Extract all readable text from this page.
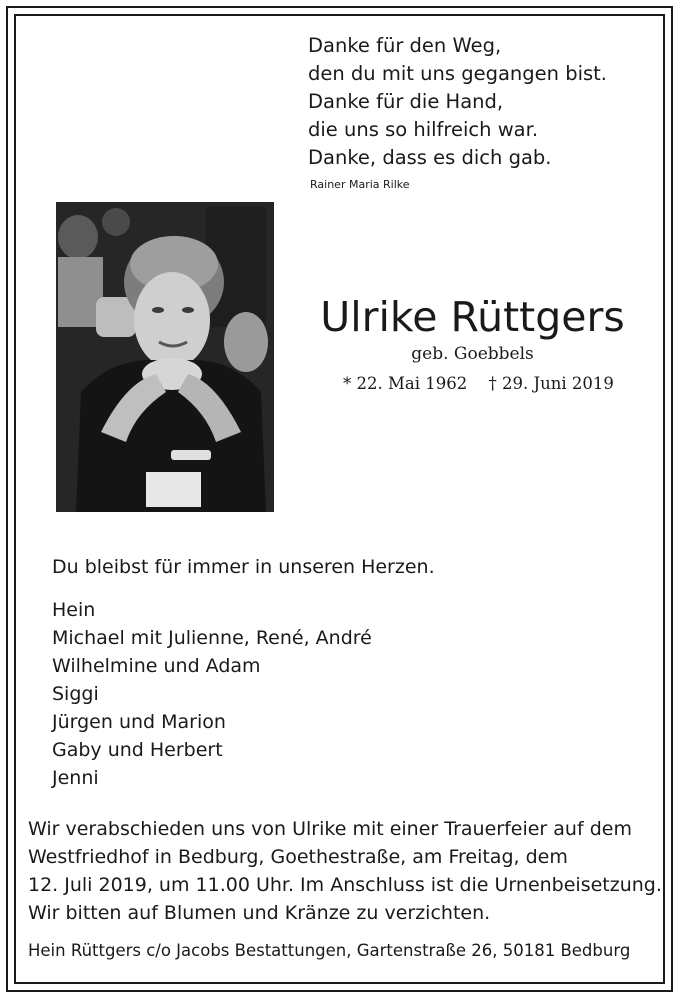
Danke für den Weg,
den du mit uns gegangen bist.
Danke für die Hand,
die uns so hilfreich war.
Danke, dass es dich gab.
Rainer Maria Rilke
Ulrike Rüttgers
geb. Goebbels
* 22. Mai 1962 † 29. Juni 2019
Du bleibst für immer in unseren Herzen.
Hein
Michael mit Julienne, René, André
Wilhelmine und Adam
Siggi
Jürgen und Marion
Gaby und Herbert
Jenni
Wir verabschieden uns von Ulrike mit einer Trauerfeier auf dem
Westfriedhof in Bedburg, Goethestraße, am Freitag, dem
12. Juli 2019, um 11.00 Uhr. Im Anschluss ist die Urnenbeisetzung.
Wir bitten auf Blumen und Kränze zu verzichten.
Hein Rüttgers c/o Jacobs Bestattungen, Gartenstraße 26, 50181 Bedburg
